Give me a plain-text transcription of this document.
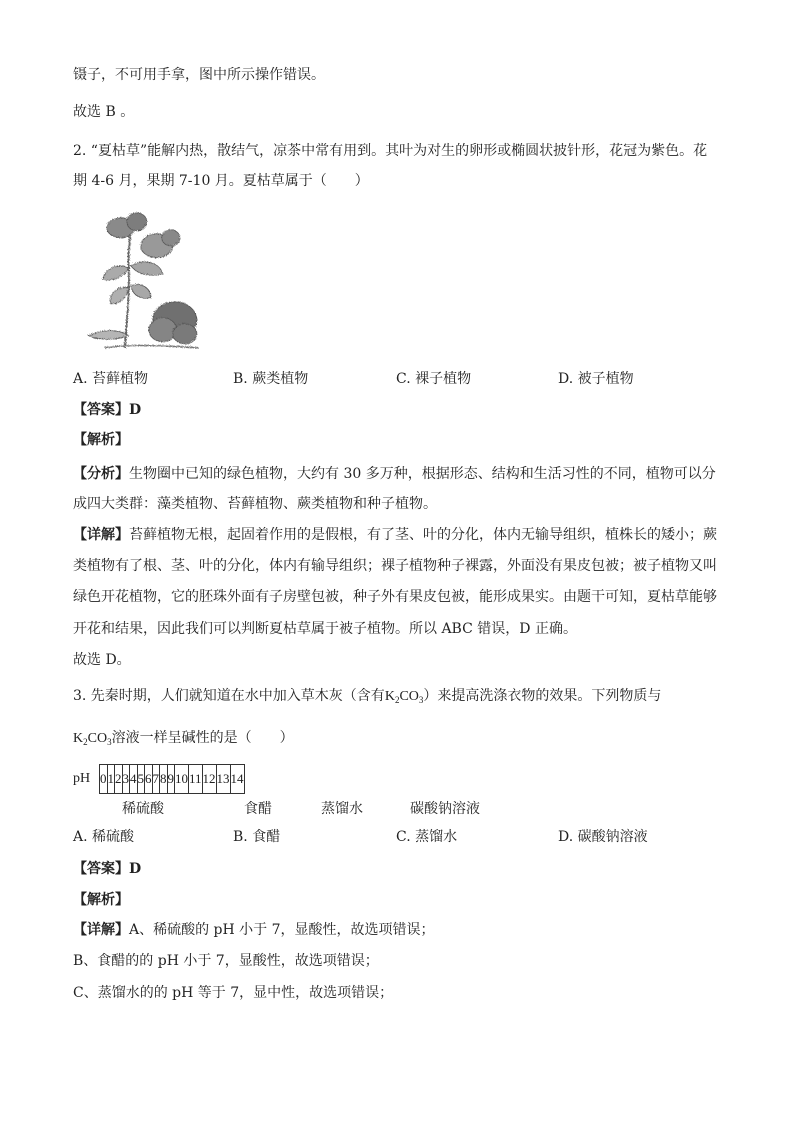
镊子，不可用手拿，图中所示操作错误。
故选 B 。
2. “夏枯草”能解内热，散结气，凉茶中常有用到。其叶为对生的卵形或椭圆状披针形，花冠为紫色。花
期 4-6 月，果期 7-10 月。夏枯草属于（　　）
A. 苔藓植物	B. 蕨类植物	C. 裸子植物	D. 被子植物
【答案】D
【解析】
【分析】生物圈中已知的绿色植物，大约有 30 多万种，根据形态、结构和生活习性的不同，植物可以分
成四大类群：藻类植物、苔藓植物、蕨类植物和种子植物。
【详解】苔藓植物无根，起固着作用的是假根，有了茎、叶的分化，体内无输导组织，植株长的矮小；蕨
类植物有了根、茎、叶的分化，体内有输导组织；裸子植物种子裸露，外面没有果皮包被；被子植物又叫
绿色开花植物，它的胚珠外面有子房壁包被，种子外有果皮包被，能形成果实。由题干可知，夏枯草能够
开花和结果，因此我们可以判断夏枯草属于被子植物。所以 ABC 错误，D 正确。
故选 D。
3. 先秦时期，人们就知道在水中加入草木灰（含有$K_2CO_3$）来提高洗涤衣物的效果。下列物质与
$K_2CO_3$溶液一样呈碱性的是（　　）
pH 0	1	2	3	4	5	6	7	8	9	10	11	12	13	14
稀硫酸	食醋	蒸馏水	碳酸钠溶液
A. 稀硫酸	B. 食醋	C. 蒸馏水	D. 碳酸钠溶液
【答案】D
【解析】
【详解】A、稀硫酸的 pH 小于 7，显酸性，故选项错误；
B、食醋的的 pH 小于 7，显酸性，故选项错误；
C、蒸馏水的的 pH 等于 7，显中性，故选项错误；
